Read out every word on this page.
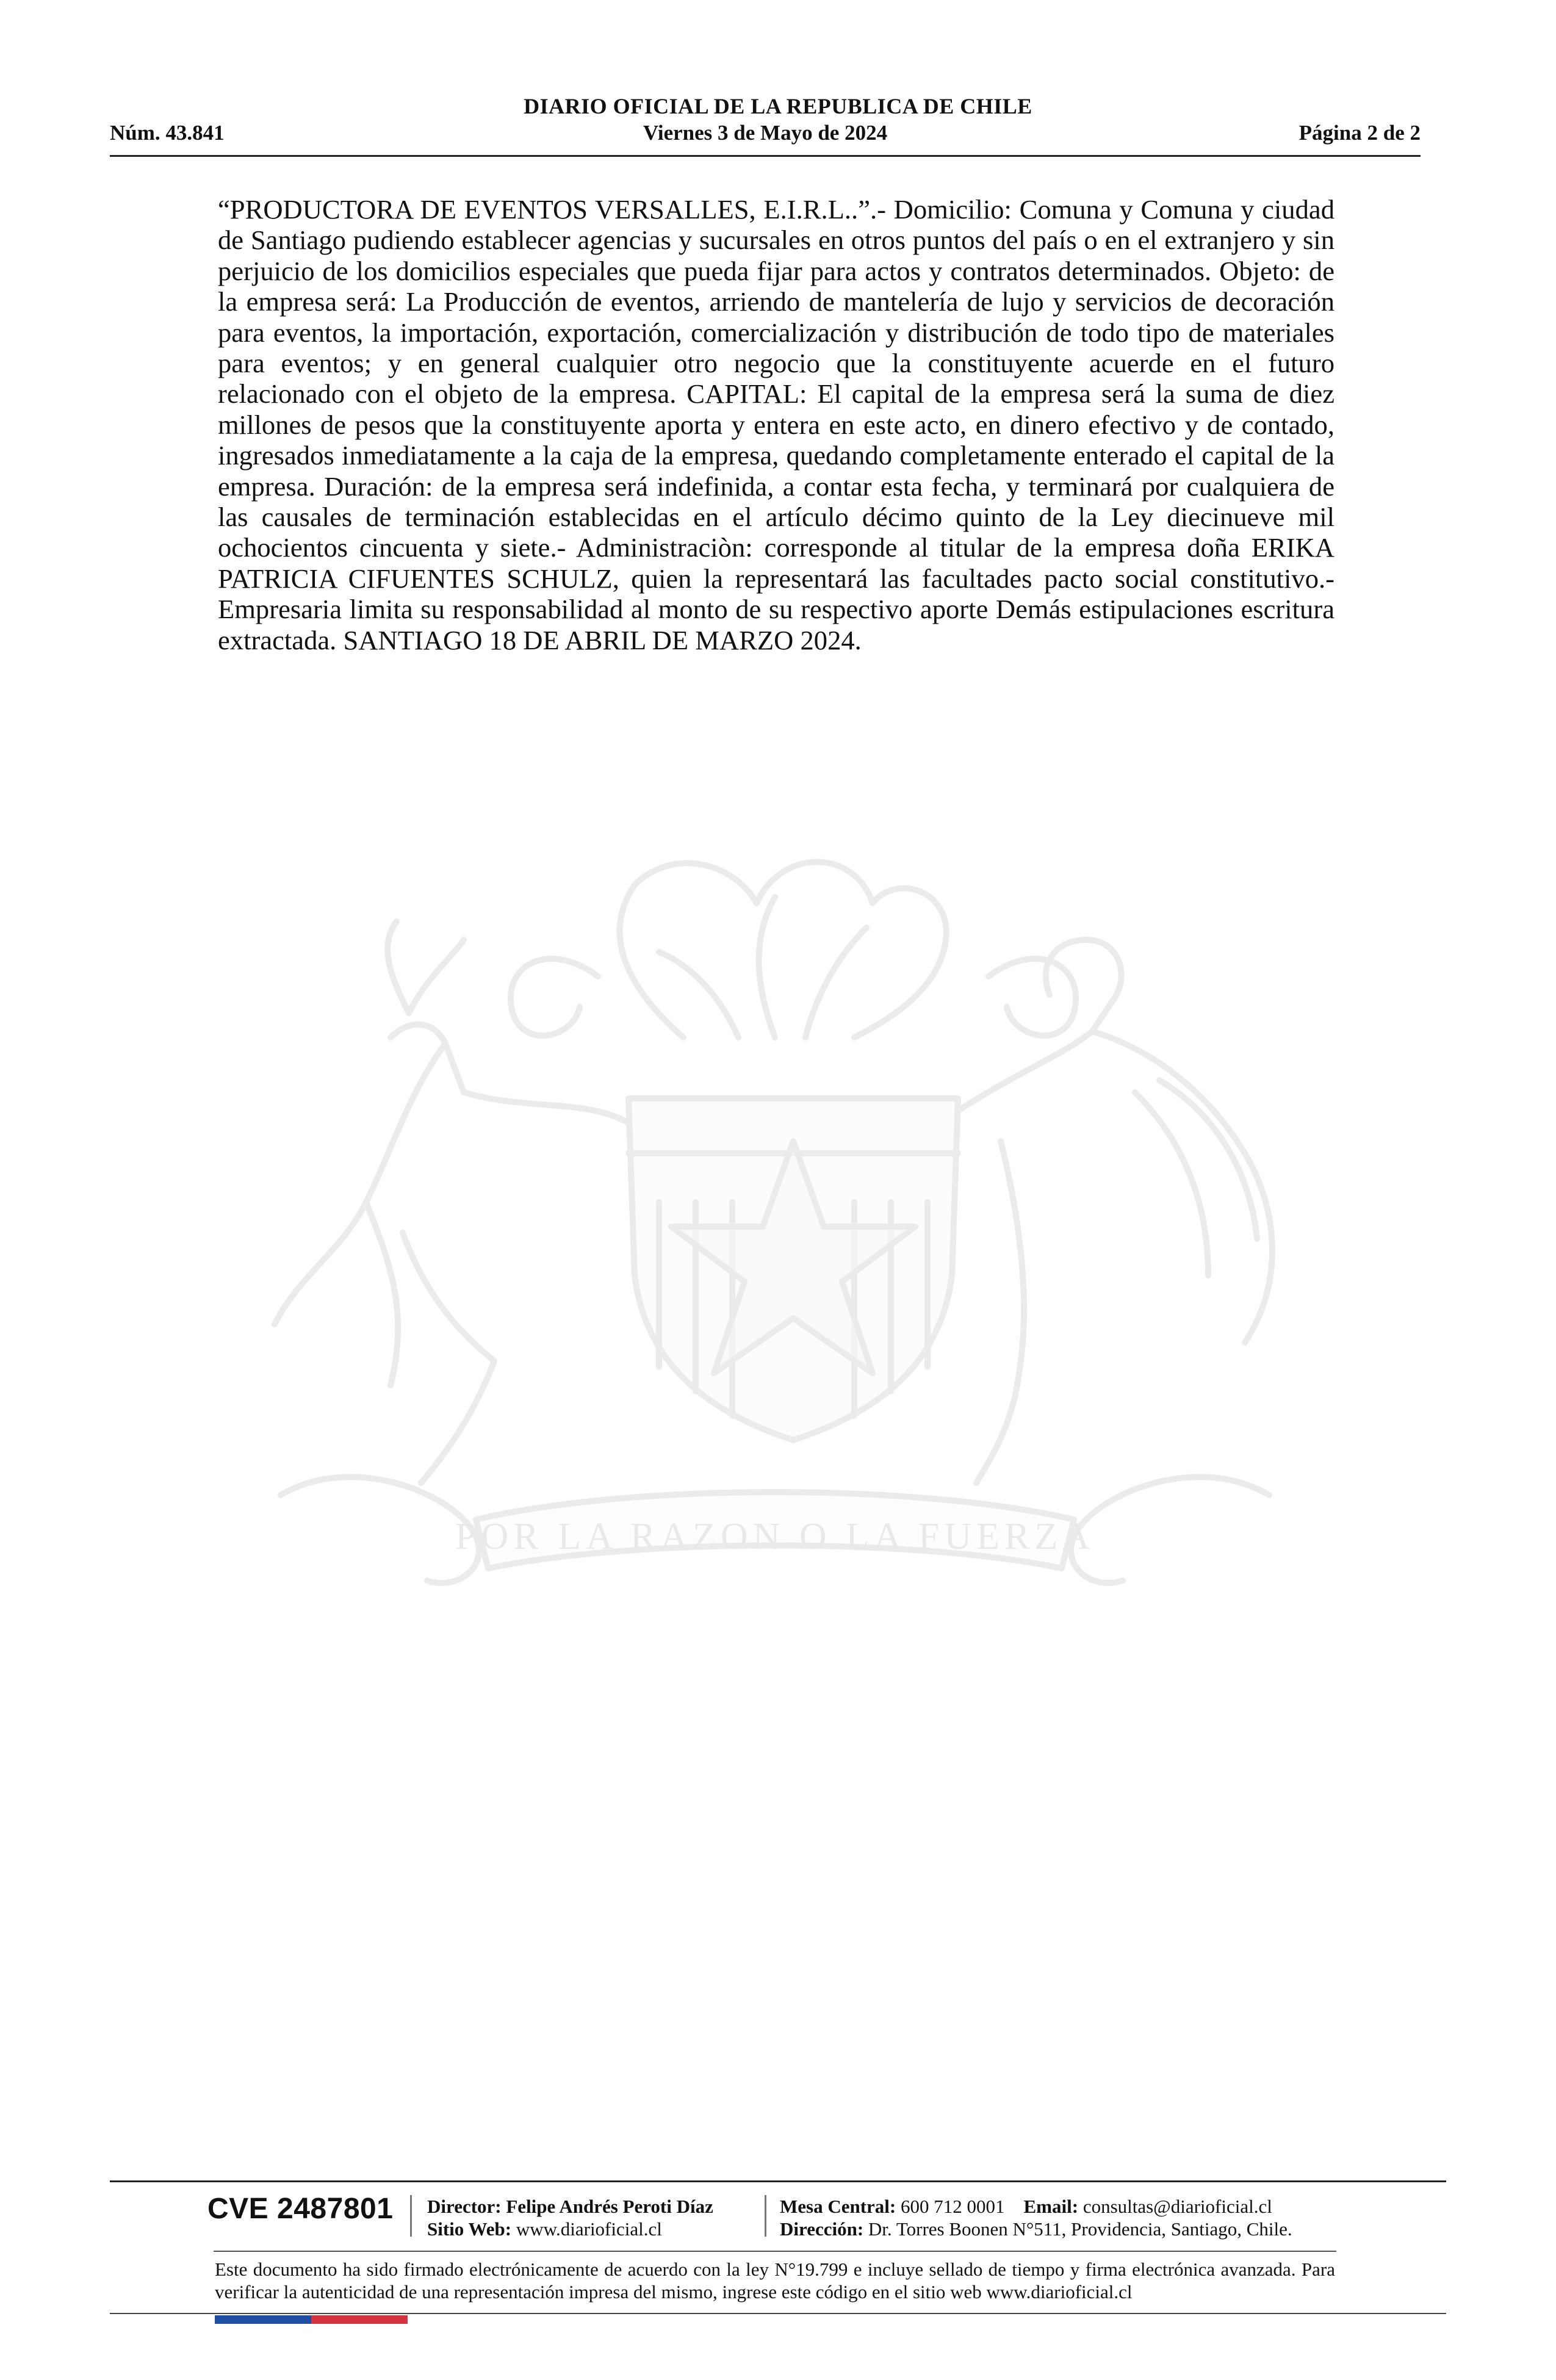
DIARIO OFICIAL DE LA REPUBLICA DE CHILE
Núm. 43.841	Viernes 3 de Mayo de 2024	Página 2 de 2
“PRODUCTORA DE EVENTOS VERSALLES, E.I.R.L..”.- Domicilio: Comuna y Comuna y ciudad de Santiago pudiendo establecer agencias y sucursales en otros puntos del país o en el extranjero y sin perjuicio de los domicilios especiales que pueda fijar para actos y contratos determinados. Objeto: de la empresa será: La Producción de eventos, arriendo de mantelería de lujo y servicios de decoración para eventos, la importación, exportación, comercialización y distribución de todo tipo de materiales para eventos; y en general cualquier otro negocio que la constituyente acuerde en el futuro relacionado con el objeto de la empresa. CAPITAL: El capital de la empresa será la suma de diez millones de pesos que la constituyente aporta y entera en este acto, en dinero efectivo y de contado, ingresados inmediatamente a la caja de la empresa, quedando completamente enterado el capital de la empresa. Duración: de la empresa será indefinida, a contar esta fecha, y terminará por cualquiera de las causales de terminación establecidas en el artículo décimo quinto de la Ley diecinueve mil ochocientos cincuenta y siete.- Administraciòn: corresponde al titular de la empresa doña ERIKA PATRICIA CIFUENTES SCHULZ, quien la representará las facultades pacto social constitutivo.- Empresaria limita su responsabilidad al monto de su respectivo aporte Demás estipulaciones escritura extractada. SANTIAGO 18 DE ABRIL DE MARZO 2024.
POR LA RAZON O LA FUERZA
CVE 2487801 Director: Felipe Andrés Peroti Díaz
Sitio Web: www.diarioficial.cl
Mesa Central: 600 712 0001 Email: consultas@diarioficial.cl
Dirección: Dr. Torres Boonen N°511, Providencia, Santiago, Chile.
Este documento ha sido firmado electrónicamente de acuerdo con la ley N°19.799 e incluye sellado de tiempo y firma electrónica avanzada. Para verificar la autenticidad de una representación impresa del mismo, ingrese este código en el sitio web www.diarioficial.cl
